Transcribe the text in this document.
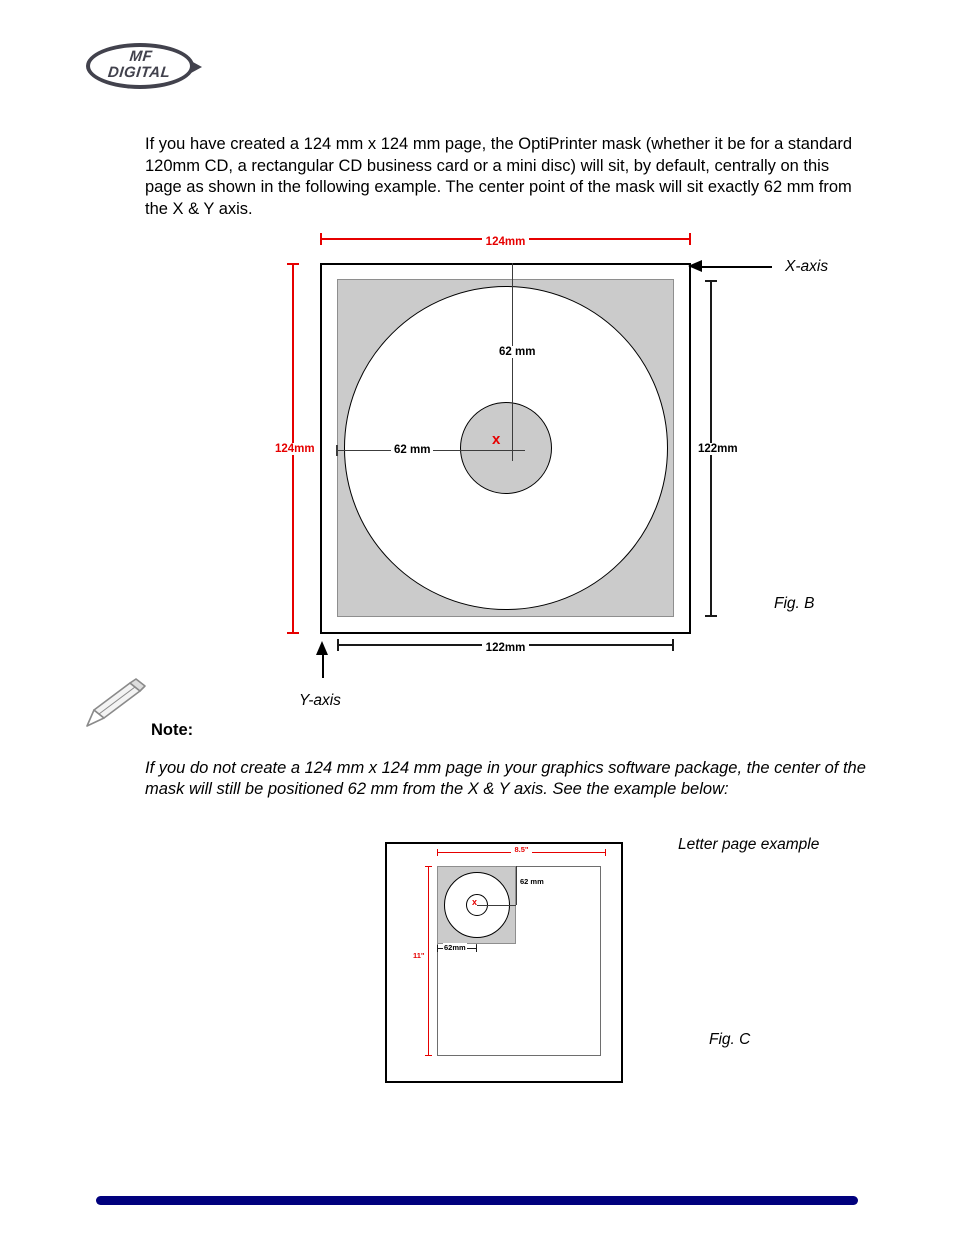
MF
DIGITAL

If you have created a 124 mm x 124 mm page, the OptiPrinter mask (whether it be for a standard 120mm CD, a rectangular CD business card or a mini disc) will sit, by default, centrally on this page as shown in the following example. The center point of the mask will sit exactly 62 mm from the X & Y axis.

124mm
124mm
62 mm
62 mm
x
122mm
122mm
X-axis
Y-axis
Fig. B
Note:

If you do not create a 124 mm x 124 mm page in your graphics software package, the center of the mask will still be positioned 62 mm from the X & Y axis. See the example below:

Letter page example
8.5"
11"
x
62 mm
62mm
Fig. C
